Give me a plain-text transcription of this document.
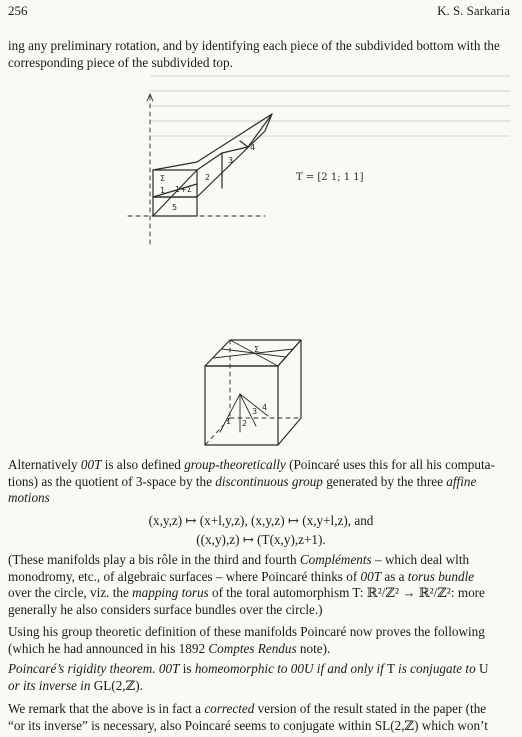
256	K. S. Sarkaria
ing any preliminary rotation, and by identifying each piece of the subdivided bottom with the
corresponding piece of the subdivided top.
Σ
1
2
3
4
1+Σ
5
T = [2 1; 1 1]
1 2
3 4
Σ
Alternatively 00T is also defined group-theoretically (Poincaré uses this for all his computa-
tions) as the quotient of 3-space by the discontinuous group generated by the three affine
motions
(x,y,z) ↦ (x+l,y,z), (x,y,z) ↦ (x,y+l,z), and
((x,y),z) ↦ (T(x,y),z+1).
(These manifolds play a bis rôle in the third and fourth Compléments – which deal wlth
monodromy, etc., of algebraic surfaces – where Poincaré thinks of 00T as a torus bundle
over the circle, viz. the mapping torus of the toral automorphism T: ℝ²/ℤ² → ℝ²/ℤ²: more
generally he also considers surface bundles over the circle.)
Using his group theoretic definition of these manifolds Poincaré now proves the following
(which he had announced in his 1892 Comptes Rendus note).
Poincaré’s rigidity theorem. 00T is homeomorphic to 00U if and only if T is conjugate to U
or its inverse in GL(2,ℤ).
We remark that the above is in fact a corrected version of the result stated in the paper (the
“or its inverse” is necessary, also Poincaré seems to conjugate within SL(2,ℤ) which won’t
